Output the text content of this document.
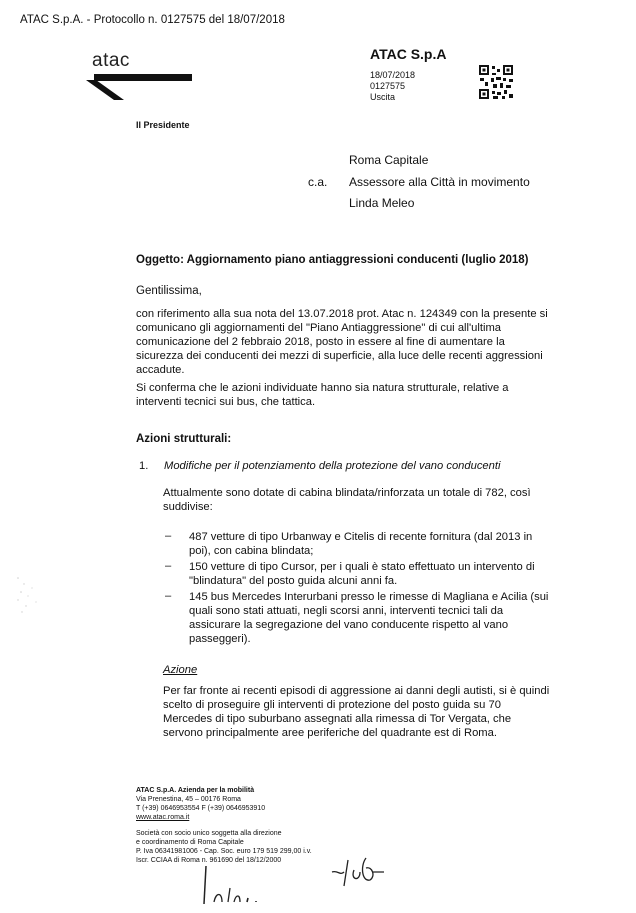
ATAC S.p.A. - Protocollo n. 0127575 del 18/07/2018
atac	ATAC S.p.A
18/07/2018
0127575
Uscita
Il Presidente
Roma Capitale
c.a. Assessore alla Città in movimento
Linda Meleo
Oggetto: Aggiornamento piano antiaggressioni conducenti (luglio 2018)
Gentilissima,
con riferimento alla sua nota del 13.07.2018 prot. Atac n. 124349 con la presente si
comunicano gli aggiornamenti del "Piano Antiaggressione" di cui all'ultima
comunicazione del 2 febbraio 2018, posto in essere al fine di aumentare la
sicurezza dei conducenti dei mezzi di superficie, alla luce delle recenti aggressioni
accadute.
Si conferma che le azioni individuate hanno sia natura strutturale, relative a
interventi tecnici sui bus, che tattica.
Azioni strutturali:
1. Modifiche per il potenziamento della protezione del vano conducenti
Attualmente sono dotate di cabina blindata/rinforzata un totale di 782, così
suddivise:
– 487 vetture di tipo Urbanway e Citelis di recente fornitura (dal 2013 in
poi), con cabina blindata;
– 150 vetture di tipo Cursor, per i quali è stato effettuato un intervento di
"blindatura" del posto guida alcuni anni fa.
– 145 bus Mercedes Interurbani presso le rimesse di Magliana e Acilia (sui
quali sono stati attuati, negli scorsi anni, interventi tecnici tali da
assicurare la segregazione del vano conducente rispetto al vano
passeggeri).
Azione
Per far fronte ai recenti episodi di aggressione ai danni degli autisti, si è quindi
scelto di proseguire gli interventi di protezione del posto guida su 70
Mercedes di tipo suburbano assegnati alla rimessa di Tor Vergata, che
servono principalmente aree periferiche del quadrante est di Roma.
ATAC S.p.A. Azienda per la mobilità
Via Prenestina, 45 – 00176 Roma
T (+39) 0646953554 F (+39) 0646953910
www.atac.roma.it
Società con socio unico soggetta alla direzione
e coordinamento di Roma Capitale
P. Iva 06341981006 - Cap. Soc. euro 179 519 299,00 i.v.
Iscr. CCIAA di Roma n. 961690 del 18/12/2000
